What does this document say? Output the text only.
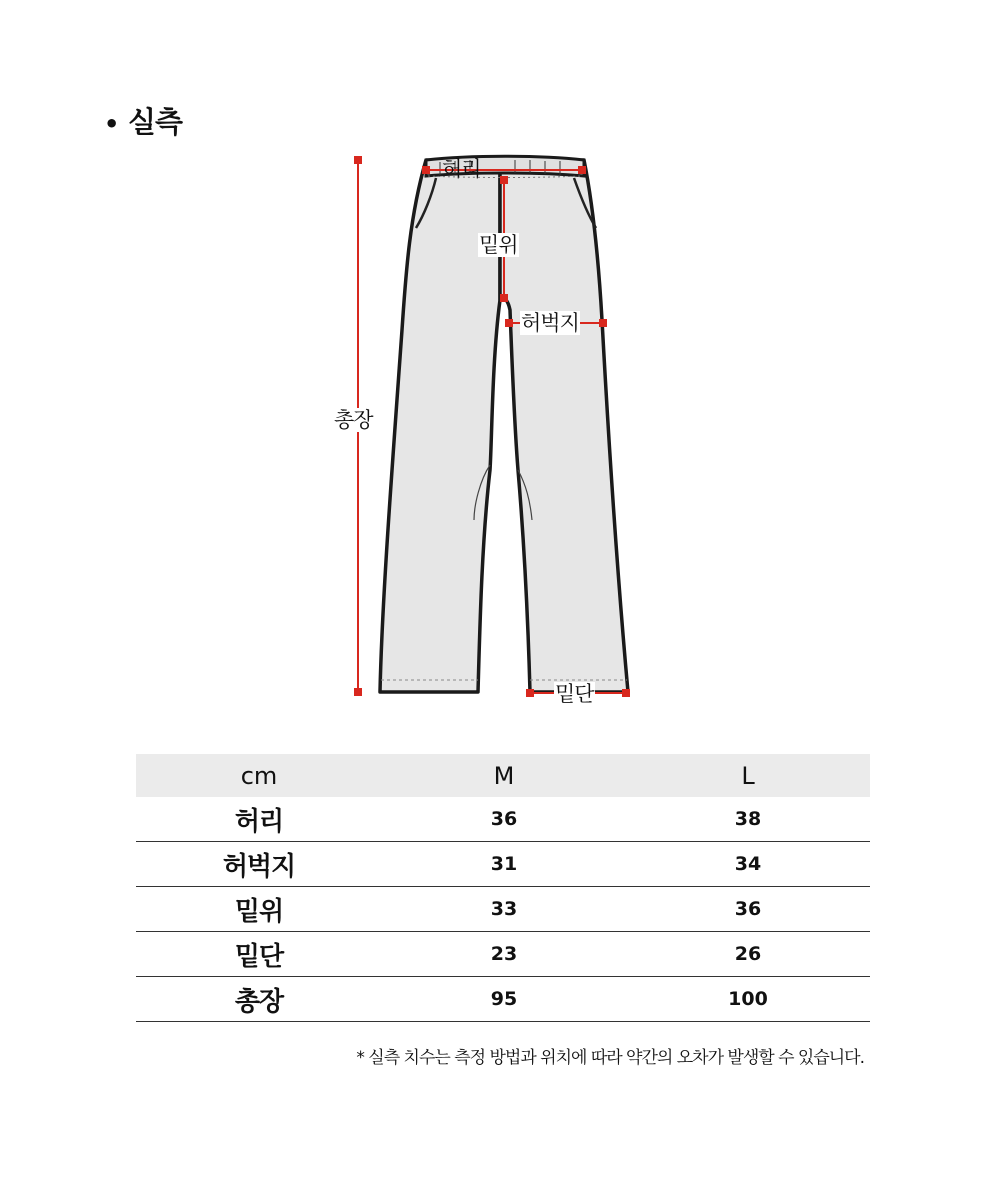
• 실측
허리
밑위
허벅지
총장
밑단
cm	M	L
허리	36	38
허벅지	31	34
밑위	33	36
밑단	23	26
총장	95	100
* 실측 치수는 측정 방법과 위치에 따라 약간의 오차가 발생할 수 있습니다.
